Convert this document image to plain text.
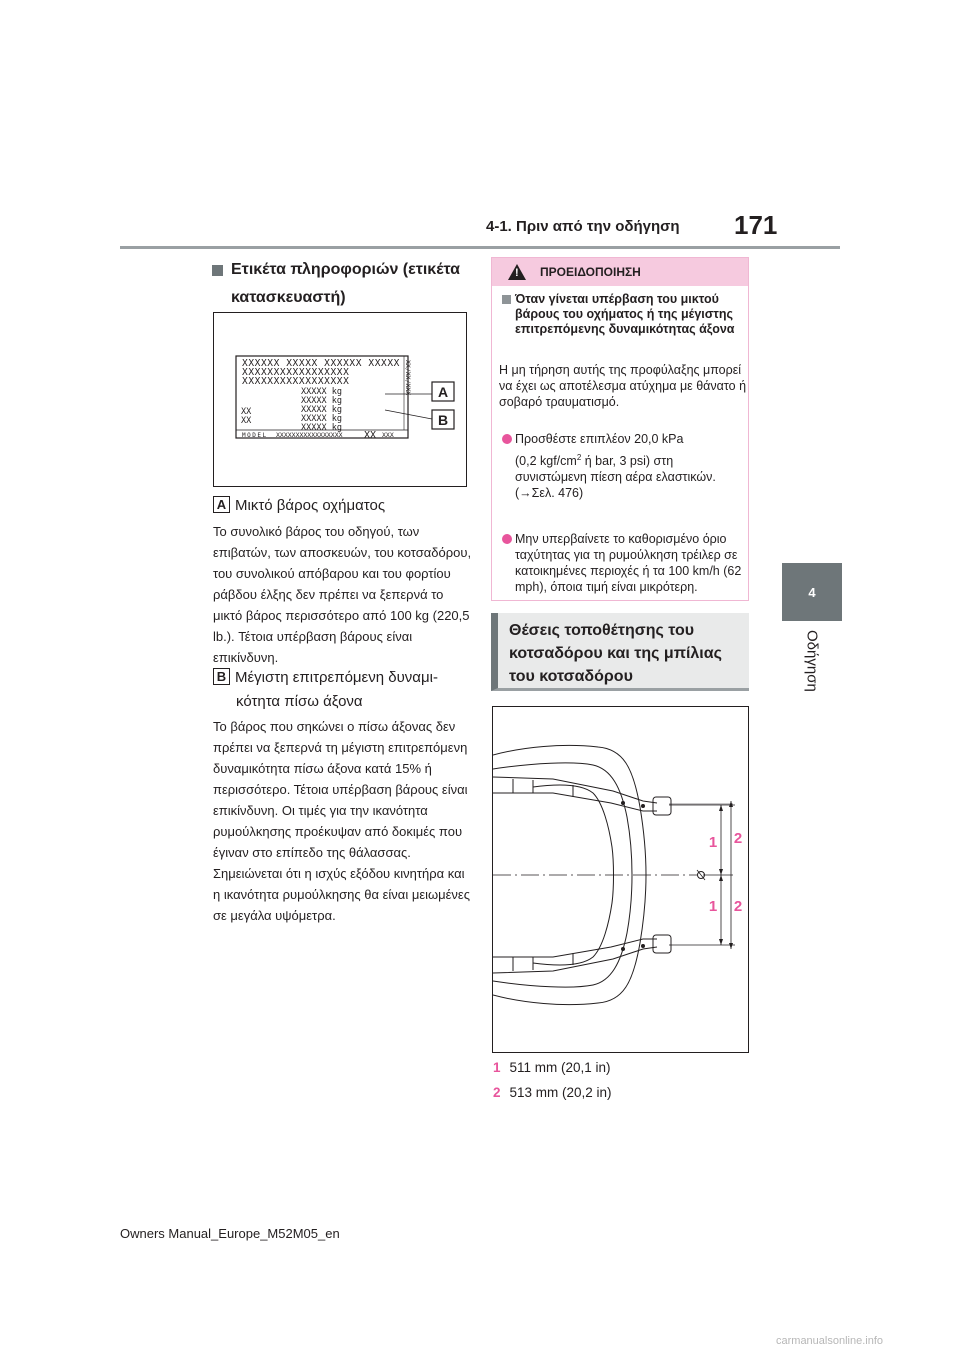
4-1. Πριν από την οδήγηση 171
4
Οδήγηση
Ετικέτα πληροφοριών (ετικέτα κατασκευαστή)
XXXXXX XXXXX XXXXXX XXXXX
XXXXXXXXXXXXXXXXX
XXXXXXXXXXXXXXXXX
XXXXX kg
XXXXX kg
XXXXX kg
XXXXX kg
XXXXX kg
XX
XX
MODEL XXXXXXXXXXXXXXXXX XX XXX
XX/XX/XXX A
B
A Μικτό βάρος οχήματος
Το συνολικό βάρος του οδηγού, των επιβατών, των αποσκευών, του κοτσαδόρου, του συνολικού απόβαρου και του φορτίου ράβδου έλξης δεν πρέπει να ξεπερνά το μικτό βάρος περισσότερο από 100 kg (220,5 lb.). Τέτοια υπέρβαση βάρους είναι επικίνδυνη.
B Μέγιστη επιτρεπόμενη δυναμι-
κότητα πίσω άξονα
Το βάρος που σηκώνει ο πίσω άξονας δεν πρέπει να ξεπερνά τη μέγιστη επιτρεπόμενη δυναμικότητα πίσω άξονα κατά 15% ή περισσότερο. Τέτοια υπέρβαση βάρους είναι επικίνδυνη. Οι τιμές για την ικανότητα ρυμούλκησης προέκυψαν από δοκιμές που έγιναν στο επίπεδο της θάλασσας. Σημειώνεται ότι η ισχύς εξόδου κινητήρα και η ικανότητα ρυμούλκησης θα είναι μειωμένες σε μεγάλα υψόμετρα.
!
ΠΡΟΕΙΔΟΠΟΙΗΣΗ
Όταν γίνεται υπέρβαση του μικτού βάρους του οχήματος ή της μέγιστης επιτρεπόμενης δυναμικότητας άξονα
Η μη τήρηση αυτής της προφύλαξης μπορεί να έχει ως αποτέλεσμα ατύχημα με θάνατο ή σοβαρό τραυματισμό.
Προσθέστε επιπλέον 20,0 kPa
(0,2 kgf/$cm^2$ ή bar, 3 psi) στη συνιστώμενη πίεση αέρα ελαστικών.
(→Σελ. 476)
Μην υπερβαίνετε το καθορισμένο όριο ταχύτητας για τη ρυμούλκηση τρέιλερ σε κατοικημένες περιοχές ή τα 100 km/h (62 mph), όποια τιμή είναι μικρότερη.
Θέσεις τοποθέτησης του κοτσαδόρου και της μπίλιας του κοτσαδόρου
1 2
1 2
1 511 mm (20,1 in)
2 513 mm (20,2 in)
Owners Manual_Europe_M52M05_en
carmanualsonline.info
